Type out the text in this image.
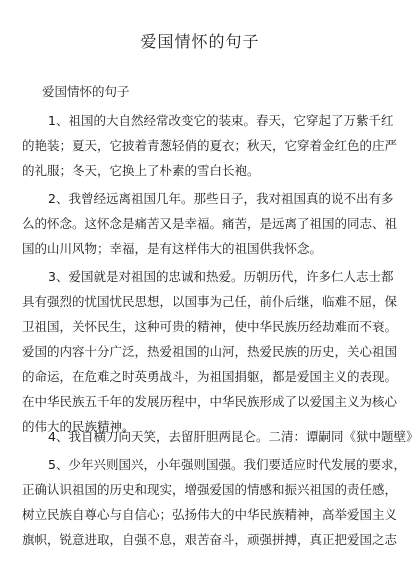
爱国情怀的句子
爱国情怀的句子
1、祖国的大自然经常改变它的装束。春天，它穿起了万紫千红
的艳装；夏天，它披着青葱轻俏的夏衣；秋天，它穿着金红色的庄严
的礼服；冬天，它换上了朴素的雪白长袍。
2、我曾经远离祖国几年。那些日子，我对祖国真的说不出有多
么的怀念。这怀念是痛苦又是幸福。痛苦，是远离了祖国的同志、祖
国的山川风物；幸福，是有这样伟大的祖国供我怀念。
3、爱国就是对祖国的忠诚和热爱。历朝历代，许多仁人志士都
具有强烈的忧国忧民思想，以国事为己任，前仆后继，临难不屈，保
卫祖国，关怀民生，这种可贵的精神，使中华民族历经劫难而不衰。
爱国的内容十分广泛，热爱祖国的山河，热爱民族的历史，关心祖国
的命运，在危难之时英勇战斗，为祖国捐躯，都是爱国主义的表现。
在中华民族五千年的发展历程中，中华民族形成了以爱国主义为核心
的伟大的民族精神。
4、我自横刀向天笑，去留肝胆两昆仑。二清：谭嗣同《狱中题壁》
5、少年兴则国兴，小年强则国强。我们要适应时代发展的要求，
正确认识祖国的历史和现实，增强爱国的情感和振兴祖国的责任感，
树立民族自尊心与自信心；弘扬伟大的中华民族精神，高举爱国主义
旗帜，锐意进取，自强不息，艰苦奋斗，顽强拼搏，真正把爱国之志
